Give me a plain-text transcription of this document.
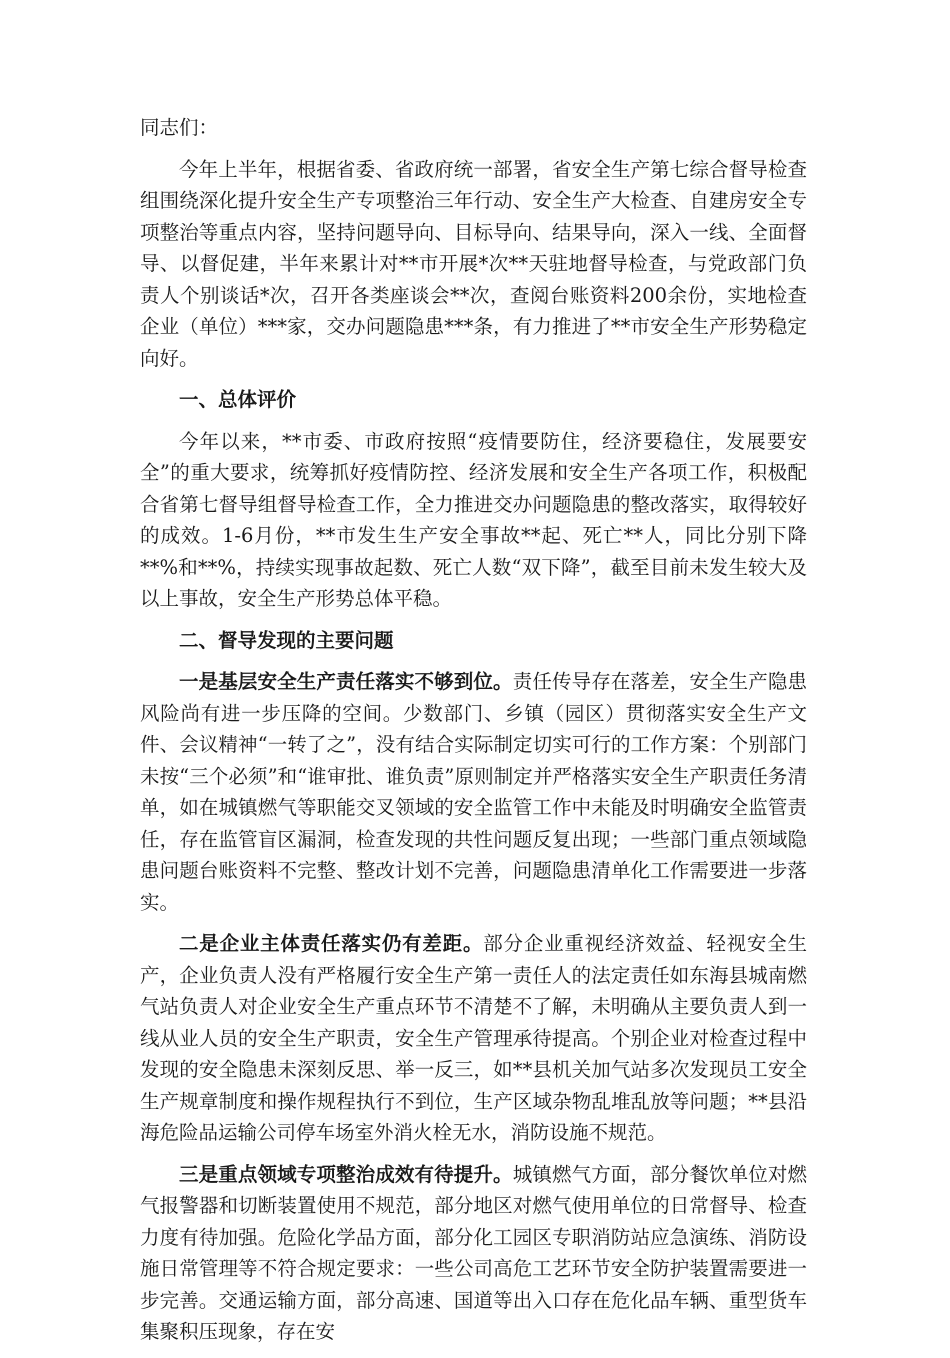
同志们：

今年上半年，根据省委、省政府统一部署，省安全生产第七综合督导检查组围绕深化提升安全生产专项整治三年行动、安全生产大检查、自建房安全专项整治等重点内容，坚持问题导向、目标导向、结果导向，深入一线、全面督导、以督促建，半年来累计对**市开展*次**天驻地督导检查，与党政部门负责人个别谈话*次，召开各类座谈会**次，查阅台账资料200余份，实地检查企业（单位）***家，交办问题隐患***条，有力推进了**市安全生产形势稳定向好。

一、总体评价

今年以来，**市委、市政府按照“疫情要防住，经济要稳住，发展要安全”的重大要求，统筹抓好疫情防控、经济发展和安全生产各项工作，积极配合省第七督导组督导检查工作，全力推进交办问题隐患的整改落实，取得较好的成效。1-6月份，**市发生生产安全事故**起、死亡**人，同比分别下降**%和**%，持续实现事故起数、死亡人数“双下降”，截至目前未发生较大及以上事故，安全生产形势总体平稳。

二、督导发现的主要问题

一是基层安全生产责任落实不够到位。责任传导存在落差，安全生产隐患风险尚有进一步压降的空间。少数部门、乡镇（园区）贯彻落实安全生产文件、会议精神“一转了之”，没有结合实际制定切实可行的工作方案：个别部门未按“三个必须”和“谁审批、谁负责”原则制定并严格落实安全生产职责任务清单，如在城镇燃气等职能交叉领域的安全监管工作中未能及时明确安全监管责任，存在监管盲区漏洞，检查发现的共性问题反复出现；一些部门重点领域隐患问题台账资料不完整、整改计划不完善，问题隐患清单化工作需要进一步落实。

二是企业主体责任落实仍有差距。部分企业重视经济效益、轻视安全生产，企业负责人没有严格履行安全生产第一责任人的法定责任如东海县城南燃气站负责人对企业安全生产重点环节不清楚不了解，未明确从主要负责人到一线从业人员的安全生产职责，安全生产管理承待提高。个别企业对检查过程中发现的安全隐患未深刻反思、举一反三，如**县机关加气站多次发现员工安全生产规章制度和操作规程执行不到位，生产区域杂物乱堆乱放等问题；**县沿海危险品运输公司停车场室外消火栓无水，消防设施不规范。

三是重点领域专项整治成效有待提升。城镇燃气方面，部分餐饮单位对燃气报警器和切断装置使用不规范，部分地区对燃气使用单位的日常督导、检查力度有待加强。危险化学品方面，部分化工园区专职消防站应急演练、消防设施日常管理等不符合规定要求：一些公司高危工艺环节安全防护装置需要进一步完善。交通运输方面，部分高速、国道等出入口存在危化品车辆、重型货车集聚积压现象，存在安
